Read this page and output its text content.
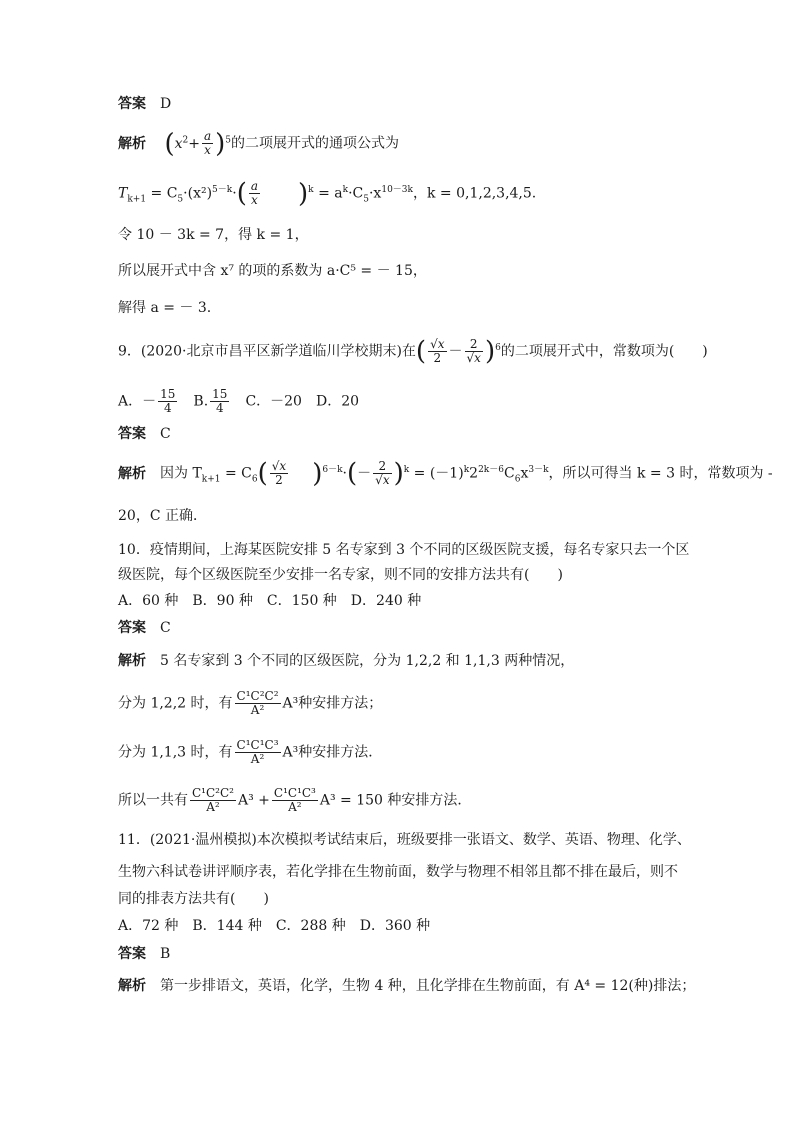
答案 D
解析 $(x^2+ \frac{a}{x} )^5$的二项展开式的通项公式为
$T_{k+1} = C_5\cdot(x^2)^{5-k}\cdot( \frac{a}{x} )^k = a^k\cdot C_5\cdot x^{10-3k}$，k = 0,1,2,3,4,5.
令 10 － 3k = 7，得 k = 1，
所以展开式中含 x⁷ 的项的系数为 a·C⁵ = － 15，
解得 a = － 3.
9．(2020·北京市昌平区新学道临川学校期末)在( $\frac{√x}{2} - \frac{2}{√x} )^6$的二项展开式中，常数项为(　　)
A．－ $\frac{15}{4}$
　 B. $\frac{15}{4}$
　 C．－20　D．20
答案 C
解析 因为 $T_{k+1} = C_6( \frac{√x}{2} )^{6-k}\cdot(- \frac{2}{√x} )^k = (-1)^k2^{2k-6}C_6x^{3-k}$，所以可得当 k = 3 时，常数项为 -
20，C 正确．
10．疫情期间，上海某医院安排 5 名专家到 3 个不同的区级医院支援，每名专家只去一个区
级医院，每个区级医院至少安排一名专家，则不同的安排方法共有(　　)
A．60 种　B．90 种　C．150 种　D．240 种
答案 C
解析 5 名专家到 3 个不同的区级医院，分为 1,2,2 和 1,1,3 两种情况，
分为 1,2,2 时，有 $\frac{\text{C¹C²C²}}{\text{A²}} A^3$种安排方法；
分为 1,1,3 时，有 $\frac{\text{C¹C¹C³}}{\text{A²}} A^3$种安排方法．
所以一共有 $\frac{\text{C¹C²C²}}{\text{A²}} A^3 + \frac{\text{C¹C¹C³}}{\text{A²}} A^3 = 150$ 种安排方法．
11．(2021·温州模拟)本次模拟考试结束后，班级要排一张语文、数学、英语、物理、化学、
生物六科试卷讲评顺序表，若化学排在生物前面，数学与物理不相邻且都不排在最后，则不
同的排表方法共有(　　)
A．72 种　B．144 种　C．288 种　D．360 种
答案 B
解析 第一步排语文，英语，化学，生物 4 种，且化学排在生物前面，有 A⁴ = 12(种)排法；
